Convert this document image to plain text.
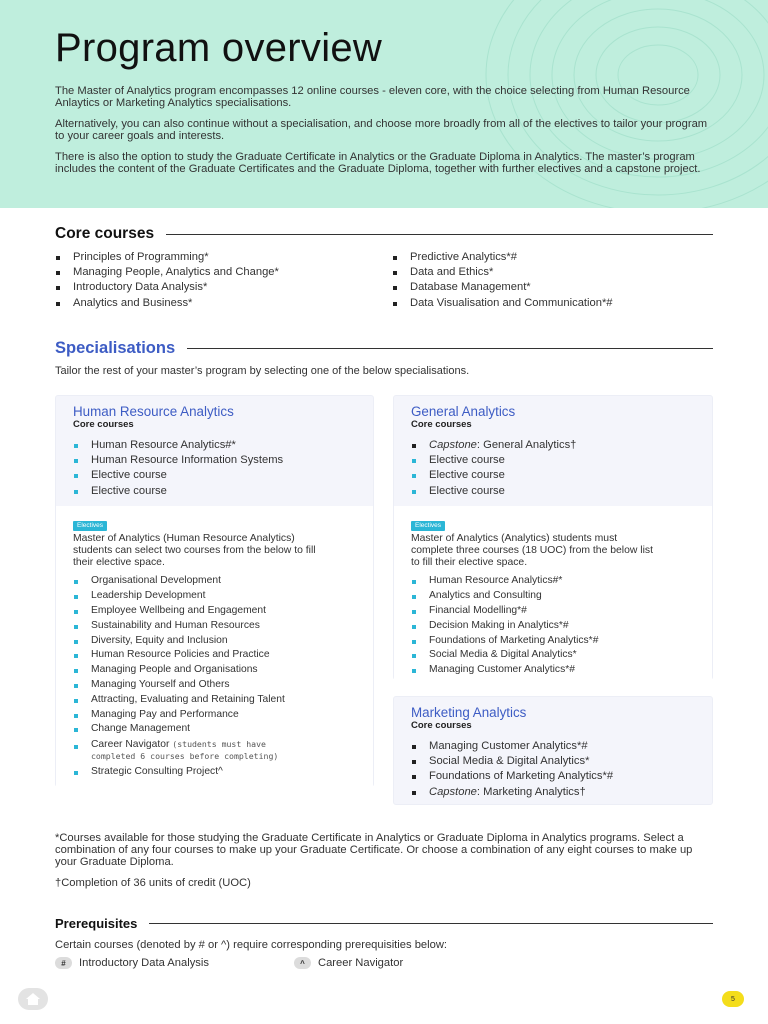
Program overview

The Master of Analytics program encompasses 12 online courses - eleven core, with the choice selecting from Human Resource Anlaytics or Marketing Analytics specialisations.

Alternatively, you can also continue without a specialisation, and choose more broadly from all of the electives to tailor your program to your career goals and interests.

There is also the option to study the Graduate Certificate in Analytics or the Graduate Diploma in Analytics. The master’s program includes the content of the Graduate Certificates and the Graduate Diploma, together with further electives and a capstone project.

Core courses
Principles of Programming*
Managing People, Analytics and Change*
Introductory Data Analysis*
Analytics and Business*
Predictive Analytics*#
Data and Ethics*
Database Management*
Data Visualisation and Communication*#
Specialisations
Tailor the rest of your master’s program by selecting one of the below specialisations.
Human Resource Analytics
Core courses
Human Resource Analytics#*
Human Resource Information Systems
Elective course
Elective course
Electives
Master of Analytics (Human Resource Analytics) students can select two courses from the below to fill their elective space.
Organisational Development
Leadership Development
Employee Wellbeing and Engagement
Sustainability and Human Resources
Diversity, Equity and Inclusion
Human Resource Policies and Practice
Managing People and Organisations
Managing Yourself and Others
Attracting, Evaluating and Retaining Talent
Managing Pay and Performance
Change Management
Career Navigator (students must have
completed 6 courses before completing)
Strategic Consulting Project^
General Analytics
Core courses
Capstone: General Analytics†
Elective course
Elective course
Elective course
Electives
Master of Analytics (Analytics) students must complete three courses (18 UOC) from the below list to fill their elective space.
Human Resource Analytics#*
Analytics and Consulting
Financial Modelling*#
Decision Making in Analytics*#
Foundations of Marketing Analytics*#
Social Media & Digital Analytics*
Managing Customer Analytics*#
Marketing Analytics
Core courses
Managing Customer Analytics*#
Social Media & Digital Analytics*
Foundations of Marketing Analytics*#
Capstone: Marketing Analytics†

*Courses available for those studying the Graduate Certificate in Analytics or Graduate Diploma in Analytics programs. Select a combination of any four courses to make up your Graduate Certificate. Or choose a combination of any eight courses to make up your Graduate Diploma.

†Completion of 36 units of credit (UOC)

Prerequisites
Certain courses (denoted by # or ^) require corresponding prerequisities below:
#	Introductory Data Analysis	^	Career Navigator
5
